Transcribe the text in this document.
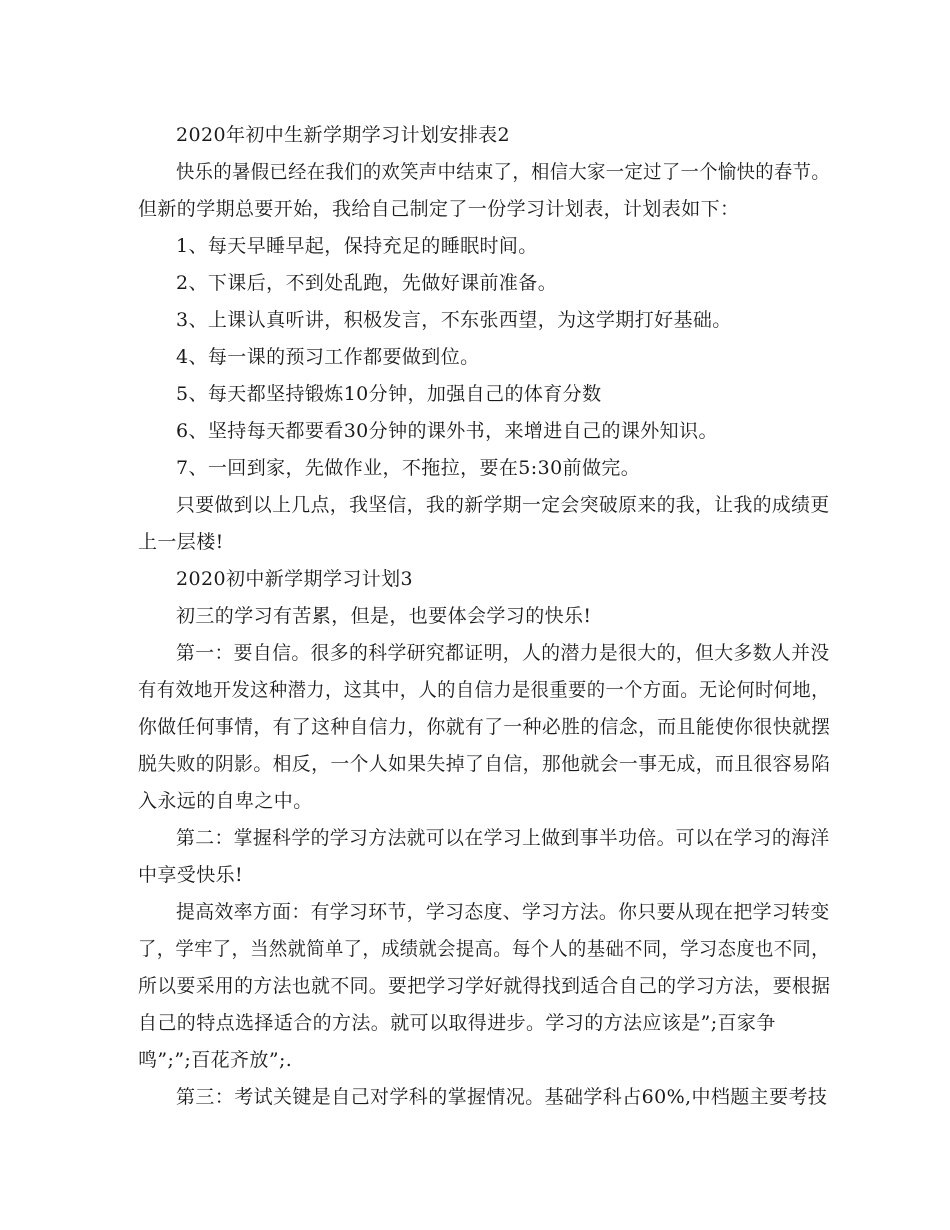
2020年初中生新学期学习计划安排表2
快乐的暑假已经在我们的欢笑声中结束了，相信大家一定过了一个愉快的春节。
但新的学期总要开始，我给自己制定了一份学习计划表，计划表如下：
1、每天早睡早起，保持充足的睡眠时间。
2、下课后，不到处乱跑，先做好课前准备。
3、上课认真听讲，积极发言，不东张西望，为这学期打好基础。
4、每一课的预习工作都要做到位。
5、每天都坚持锻炼10分钟，加强自己的体育分数
6、坚持每天都要看30分钟的课外书，来增进自己的课外知识。
7、一回到家，先做作业，不拖拉，要在5:30前做完。
只要做到以上几点，我坚信，我的新学期一定会突破原来的我，让我的成绩更
上一层楼!
2020初中新学期学习计划3
初三的学习有苦累，但是，也要体会学习的快乐!
第一：要自信。很多的科学研究都证明，人的潜力是很大的，但大多数人并没
有有效地开发这种潜力，这其中，人的自信力是很重要的一个方面。无论何时何地，
你做任何事情，有了这种自信力，你就有了一种必胜的信念，而且能使你很快就摆
脱失败的阴影。相反，一个人如果失掉了自信，那他就会一事无成，而且很容易陷
入永远的自卑之中。
第二：掌握科学的学习方法就可以在学习上做到事半功倍。可以在学习的海洋
中享受快乐!
提高效率方面：有学习环节，学习态度、学习方法。你只要从现在把学习转变
了，学牢了，当然就简单了，成绩就会提高。每个人的基础不同，学习态度也不同，
所以要采用的方法也就不同。要把学习学好就得找到适合自己的学习方法，要根据
自己的特点选择适合的方法。就可以取得进步。学习的方法应该是”;百家争
鸣”;”;百花齐放”;.
第三：考试关键是自己对学科的掌握情况。基础学科占60%,中档题主要考技
